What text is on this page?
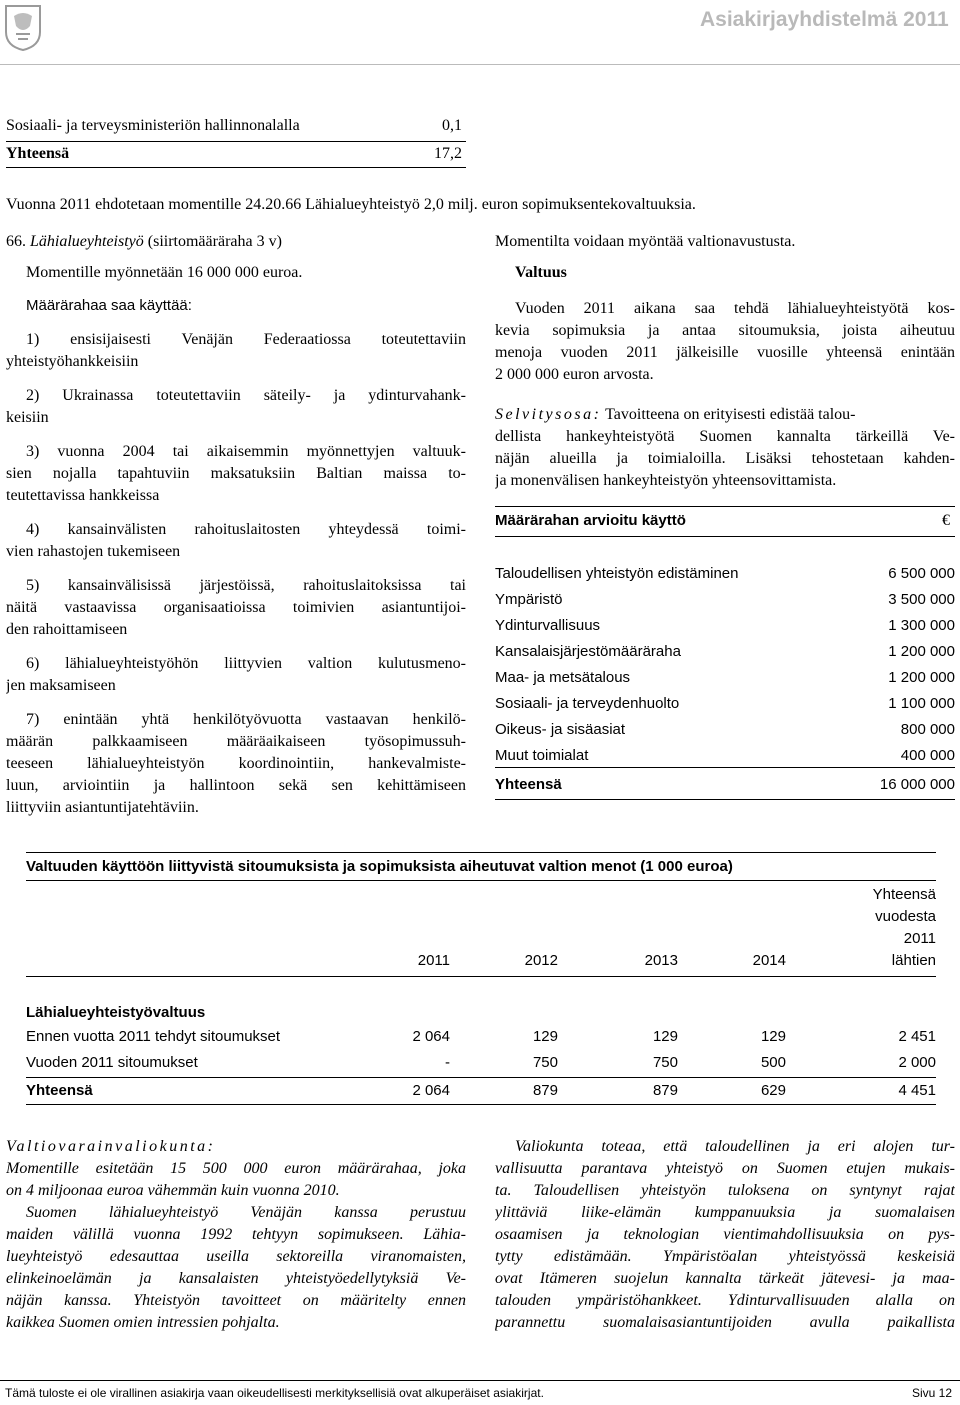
Asiakirjayhdistelmä 2011
Sosiaali- ja terveysministeriön hallinnonalalla	0,1
Yhteensä	17,2
Vuonna 2011 ehdotetaan momentille 24.20.66 Lähialueyhteistyö 2,0 milj. euron sopimuksentekovaltuuksia.
66. Lähialueyhteistyö (siirtomääräraha 3 v)
Momentille myönnetään 16 000 000 euroa.
Määrärahaa saa käyttää:
1) ensisijaisesti Venäjän Federaatiossa toteutettaviin
yhteistyöhankkeisiin
2) Ukrainassa toteutettaviin säteily- ja ydinturvahank-
keisiin
3) vuonna 2004 tai aikaisemmin myönnettyjen valtuuk-
sien nojalla tapahtuviin maksatuksiin Baltian maissa to-
teutettavissa hankkeissa
4) kansainvälisten rahoituslaitosten yhteydessä toimi-
vien rahastojen tukemiseen
5) kansainvälisissä järjestöissä, rahoituslaitoksissa tai
näitä vastaavissa organisaatioissa toimivien asiantuntijoi-
den rahoittamiseen
6) lähialueyhteistyöhön liittyvien valtion kulutusmeno-
jen maksamiseen
7) enintään yhtä henkilötyövuotta vastaavan henkilö-
määrän palkkaamiseen määräaikaiseen työsopimussuh-
teeseen lähialueyhteistyön koordinointiin, hankevalmiste-
luun, arviointiin ja hallintoon sekä sen kehittämiseen
liittyviin asiantuntijatehtäviin.
Momentilta voidaan myöntää valtionavustusta.
Valtuus
Vuoden 2011 aikana saa tehdä lähialueyhteistyötä kos-
kevia sopimuksia ja antaa sitoumuksia, joista aiheutuu
menoja vuoden 2011 jälkeisille vuosille yhteensä enintään
2 000 000 euron arvosta.
Selvitysosa: Tavoitteena on erityisesti edistää talou-
dellista hankeyhteistyötä Suomen kannalta tärkeillä Ve-
näjän alueilla ja toimialoilla. Lisäksi tehostetaan kahden-
ja monenvälisen hankeyhteistyön yhteensovittamista.
Määrärahan arvioitu käyttö	€
Taloudellisen yhteistyön edistäminen	6 500 000
Ympäristö	3 500 000
Ydinturvallisuus	1 300 000
Kansalaisjärjestömääräraha	1 200 000
Maa- ja metsätalous	1 200 000
Sosiaali- ja terveydenhuolto	1 100 000
Oikeus- ja sisäasiat	800 000
Muut toimialat	400 000
Yhteensä	16 000 000
Valtuuden käyttöön liittyvistä sitoumuksista ja sopimuksista aiheutuvat valtion menot (1 000 euroa)
2011	2012	2013	2014
Yhteensä
vuodesta
2011
lähtien
Lähialueyhteistyövaltuus
Ennen vuotta 2011 tehdyt sitoumukset	2 064	129	129	129	2 451
Vuoden 2011 sitoumukset	-	750	750	500	2 000
Yhteensä	2 064	879	879	629	4 451
Valtiovarainvaliokunta:
Momentille esitetään 15 500 000 euron määrärahaa, joka
on 4 miljoonaa euroa vähemmän kuin vuonna 2010.
Suomen lähialueyhteistyö Venäjän kanssa perustuu
maiden välillä vuonna 1992 tehtyyn sopimukseen. Lähia-
lueyhteistyö edesauttaa useilla sektoreilla viranomaisten,
elinkeinoelämän ja kansalaisten yhteistyöedellytyksiä Ve-
näjän kanssa. Yhteistyön tavoitteet on määritelty ennen
kaikkea Suomen omien intressien pohjalta.
Valiokunta toteaa, että taloudellinen ja eri alojen tur-
vallisuutta parantava yhteistyö on Suomen etujen mukais-
ta. Taloudellisen yhteistyön tuloksena on syntynyt rajat
ylittäviä liike-elämän kumppanuuksia ja suomalaisen
osaamisen ja teknologian vientimahdollisuuksia on pys-
tytty edistämään. Ympäristöalan yhteistyössä keskeisiä
ovat Itämeren suojelun kannalta tärkeät jätevesi- ja maa-
talouden ympäristöhankkeet. Ydinturvallisuuden alalla on
parannettu suomalaisasiantuntijoiden avulla paikallista
Tämä tuloste ei ole virallinen asiakirja vaan oikeudellisesti merkityksellisiä ovat alkuperäiset asiakirjat.	Sivu 12
